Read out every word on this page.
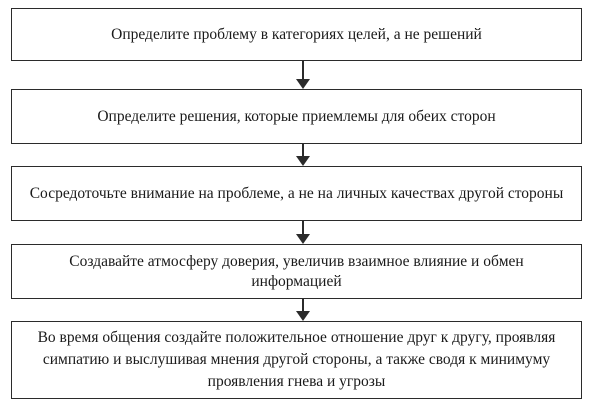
Определите проблему в категориях целей, а не решений
Определите решения, которые приемлемы для обеих сторон
Сосредоточьте внимание на проблеме, а не на личных качествах другой стороны
Создавайте атмосферу доверия, увеличив взаимное влияние и обмен информацией
Во время общения создайте положительное отношение друг к другу, проявляя симпатию и выслушивая мнения другой стороны, а также сводя к минимуму проявления гнева и угрозы
